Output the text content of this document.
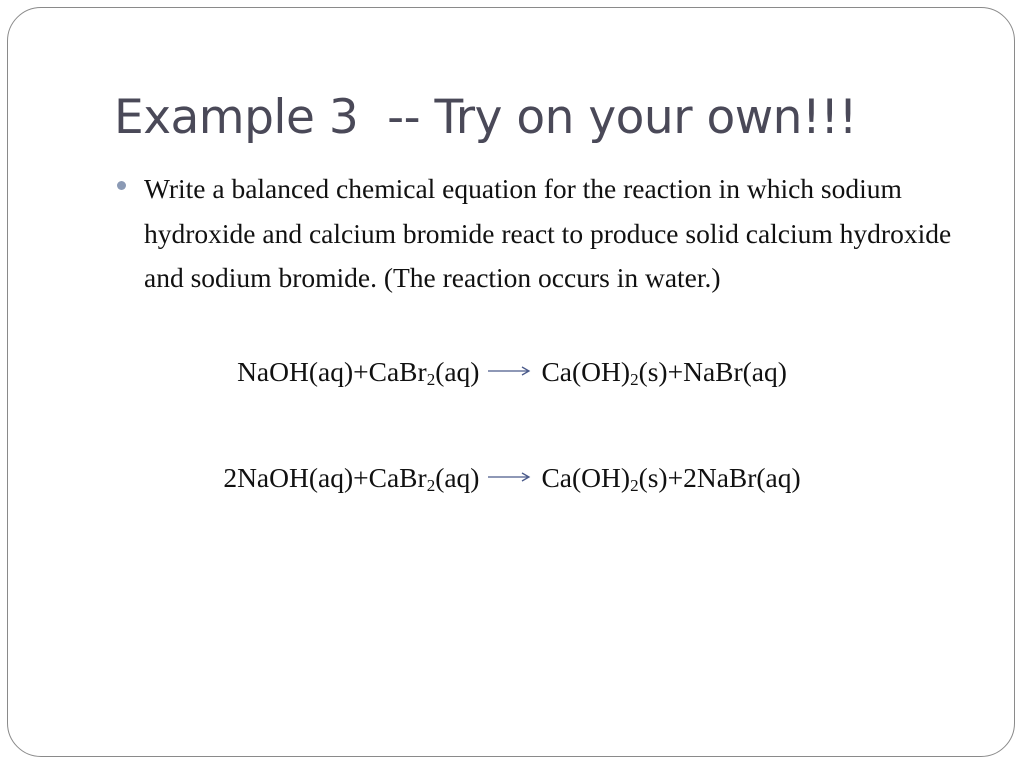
Example 3  -- Try on your own!!!
Write a balanced chemical equation for the reaction in which sodium hydroxide and calcium bromide react to produce solid calcium hydroxide and sodium bromide. (The reaction occurs in water.)
NaOH(aq)+CaBr$_2$(aq) $Ca(OH)_2(s)+NaBr(aq)$
2NaOH(aq)+CaBr$_2$(aq) $Ca(OH)_2(s)+2NaBr(aq)$
